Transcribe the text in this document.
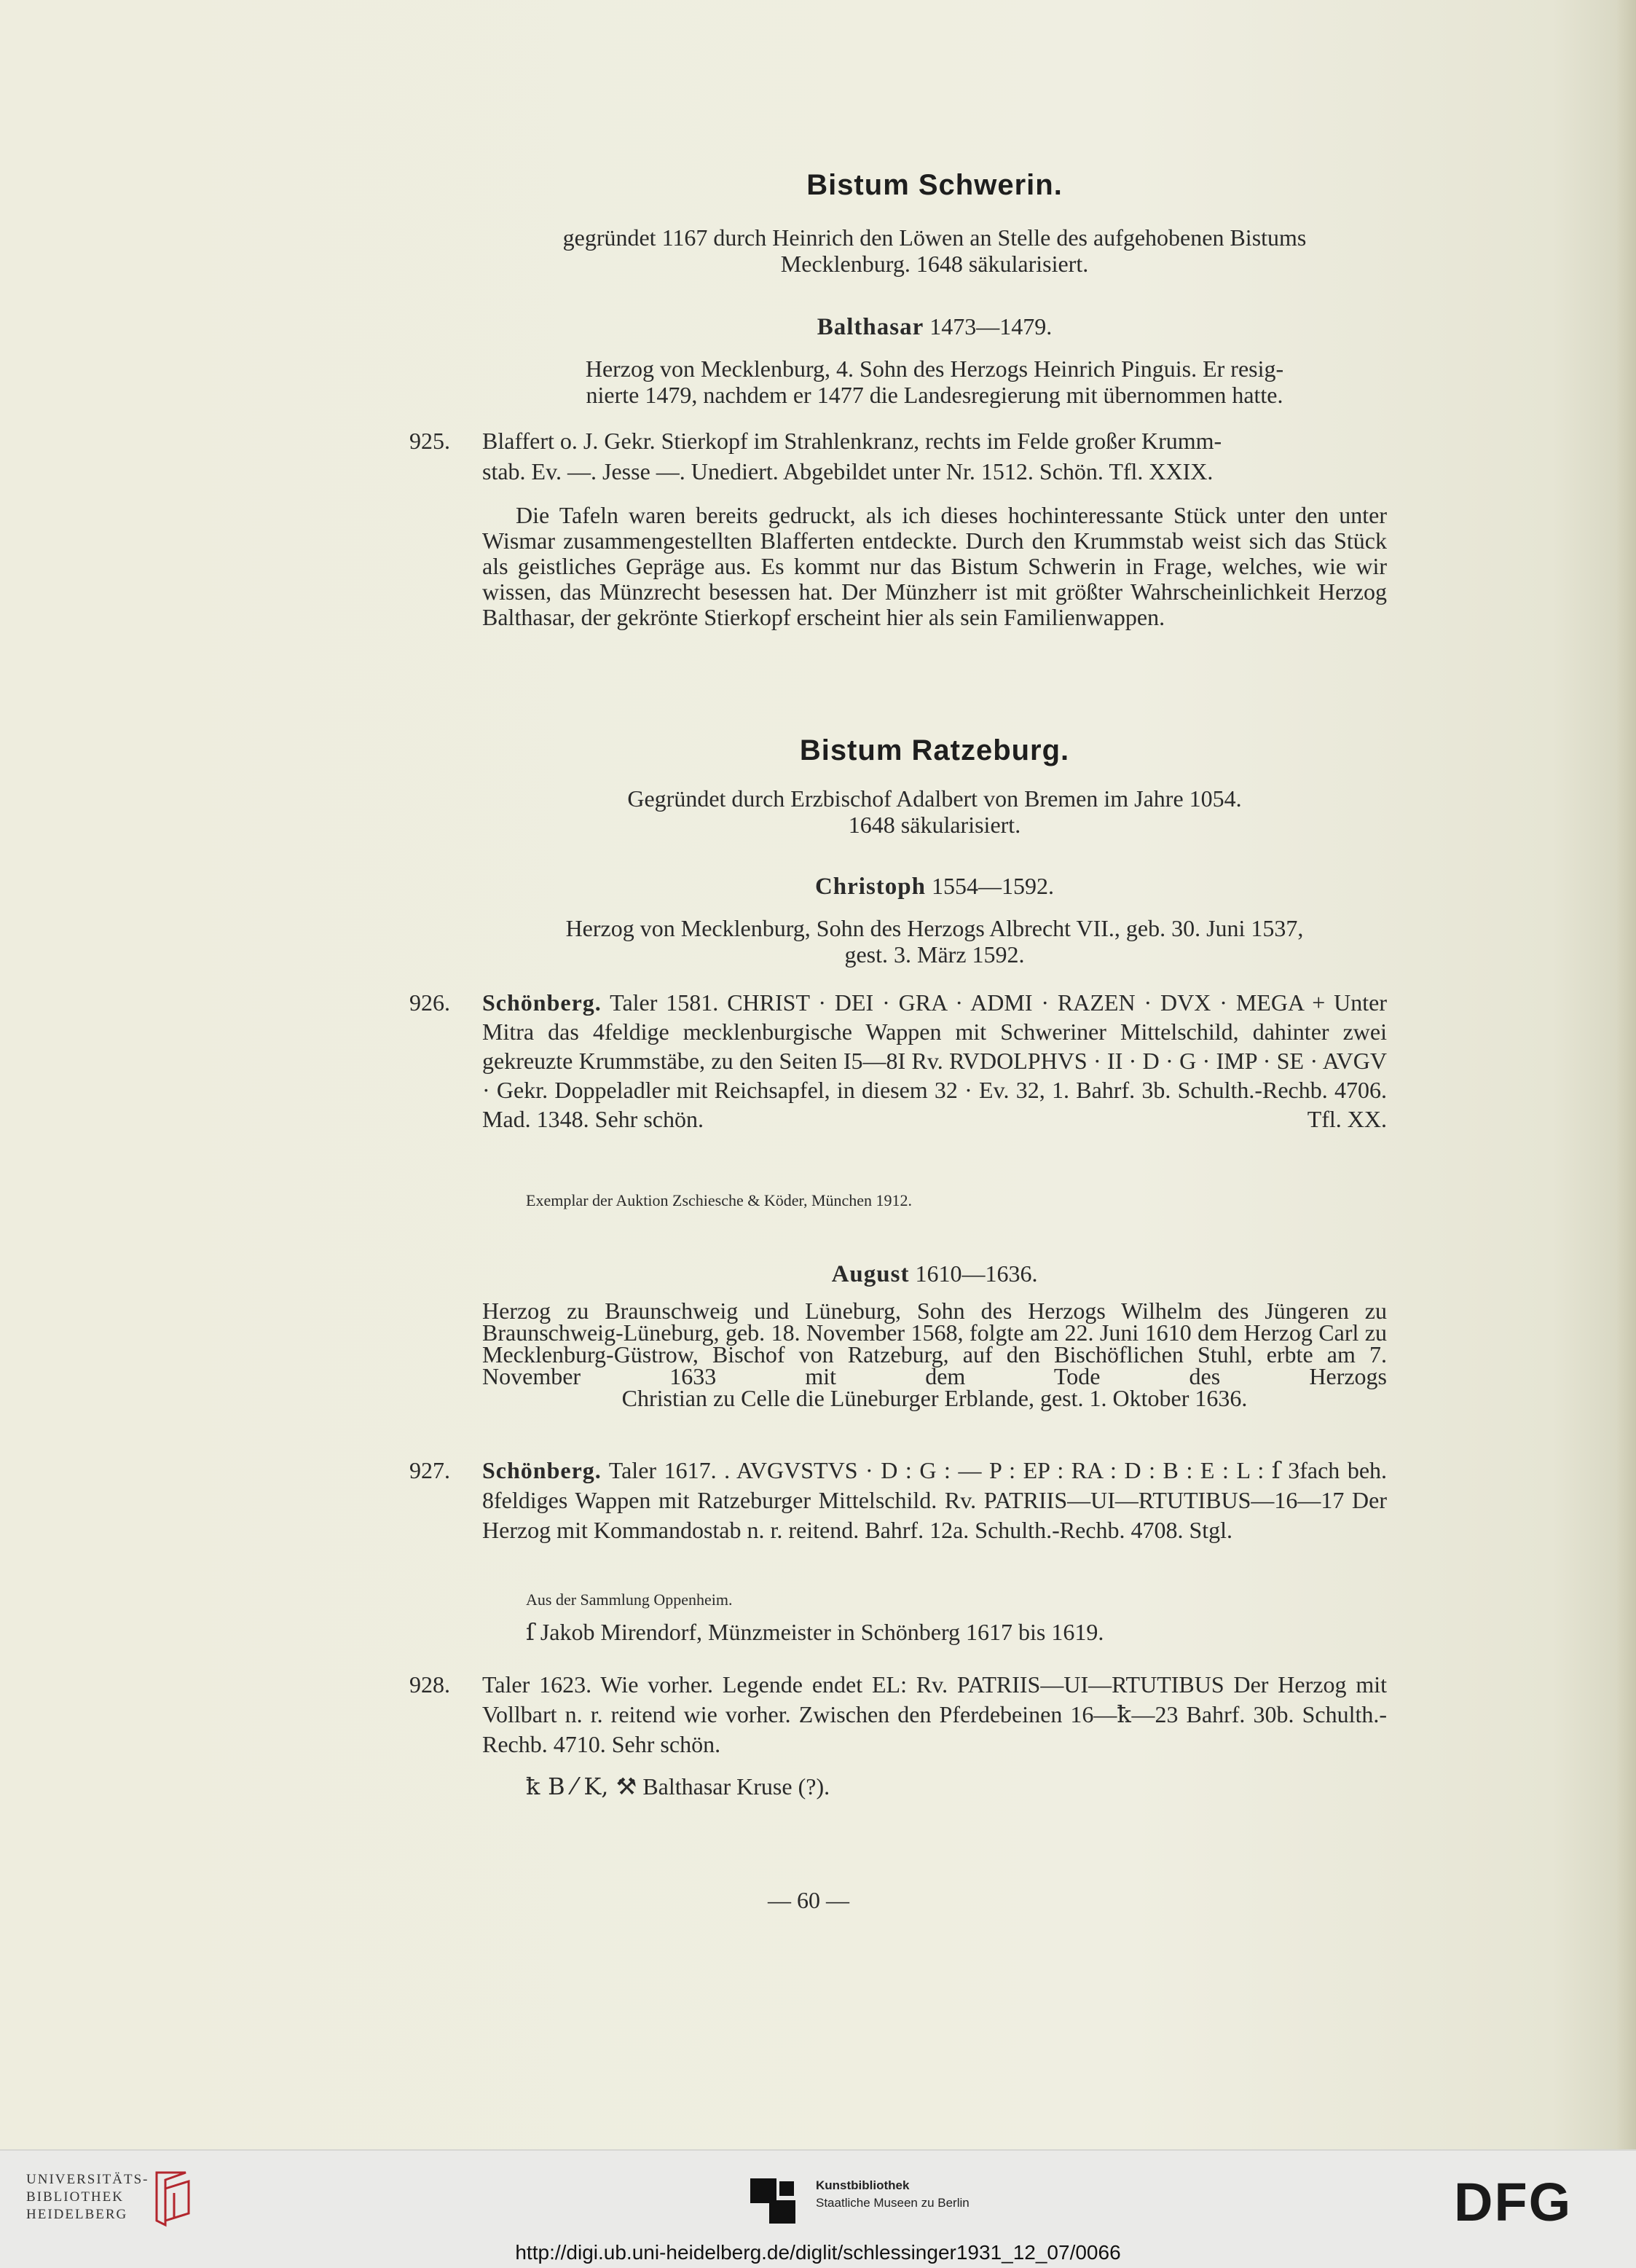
Bistum Schwerin.
gegründet 1167 durch Heinrich den Löwen an Stelle des aufgehobenen Bistums
Mecklenburg. 1648 säkularisiert.
Balthasar 1473—1479.
Herzog von Mecklenburg, 4. Sohn des Herzogs Heinrich Pinguis. Er resig-
nierte 1479, nachdem er 1477 die Landesregierung mit übernommen hatte.
925. Blaffert o. J. Gekr. Stierkopf im Strahlenkranz, rechts im Felde großer Krumm-
stab. Ev. —. Jesse —. Unediert. Abgebildet unter Nr. 1512. Schön. Tfl. XXIX.
Die Tafeln waren bereits gedruckt, als ich dieses hochinteressante Stück unter den unter Wismar zusammengestellten Blafferten entdeckte. Durch den Krummstab weist sich das Stück als geistliches Gepräge aus. Es kommt nur das Bistum Schwerin in Frage, welches, wie wir wissen, das Münzrecht besessen hat. Der Münzherr ist mit größter Wahrscheinlichkeit Herzog Balthasar, der gekrönte Stierkopf erscheint hier als sein Familienwappen.
Bistum Ratzeburg.
Gegründet durch Erzbischof Adalbert von Bremen im Jahre 1054.
1648 säkularisiert.
Christoph 1554—1592.
Herzog von Mecklenburg, Sohn des Herzogs Albrecht VII., geb. 30. Juni 1537,
gest. 3. März 1592.
926. Schönberg. Taler 1581. CHRIST · DEI · GRA · ADMI · RAZEN · DVX · MEGA + Unter Mitra das 4feldige mecklenburgische Wappen mit Schweriner Mittelschild, dahinter zwei gekreuzte Krummstäbe, zu den Seiten I5—8I Rv. RVDOLPHVS · II · D · G · IMP · SE · AVGV · Gekr. Doppeladler mit Reichsapfel, in diesem 32 · Ev. 32, 1. Bahrf. 3b. Schulth.-Rechb. 4706. Mad. 1348. Sehr schön.	Tfl. XX.
Exemplar der Auktion Zschiesche & Köder, München 1912.
August 1610—1636.
Herzog zu Braunschweig und Lüneburg, Sohn des Herzogs Wilhelm des Jüngeren zu Braunschweig-Lüneburg, geb. 18. November 1568, folgte am 22. Juni 1610 dem Herzog Carl zu Mecklenburg-Güstrow, Bischof von Ratzeburg, auf den Bischöflichen Stuhl, erbte am 7. November 1633 mit dem Tode des Herzogs
Christian zu Celle die Lüneburger Erblande, gest. 1. Oktober 1636.
927. Schönberg. Taler 1617. . AVGVSTVS · D : G : — P : EP : RA : D : B : E : L : ſ 3fach beh. 8feldiges Wappen mit Ratzeburger Mittelschild. Rv. PATRIIS—UI—RTUTIBUS—16—17 Der Herzog mit Kommandostab n. r. reitend. Bahrf. 12a. Schulth.-Rechb. 4708. Stgl.
Aus der Sammlung Oppenheim.
ſ Jakob Mirendorf, Münzmeister in Schönberg 1617 bis 1619.
928. Taler 1623. Wie vorher. Legende endet EL: Rv. PATRIIS—UI—RTUTIBUS Der Herzog mit Vollbart n. r. reitend wie vorher. Zwischen den Pferdebeinen 16—ꝁ—23 Bahrf. 30b. Schulth.-Rechb. 4710. Sehr schön.
ꝁ B ⁄ K, ⚒ Balthasar Kruse (?).
— 60 —
UNIVERSITÄTS-
BIBLIOTHEK
HEIDELBERG
Kunstbibliothek
Staatliche Museen zu Berlin	DFG
http://digi.ub.uni-heidelberg.de/diglit/schlessinger1931_12_07/0066
